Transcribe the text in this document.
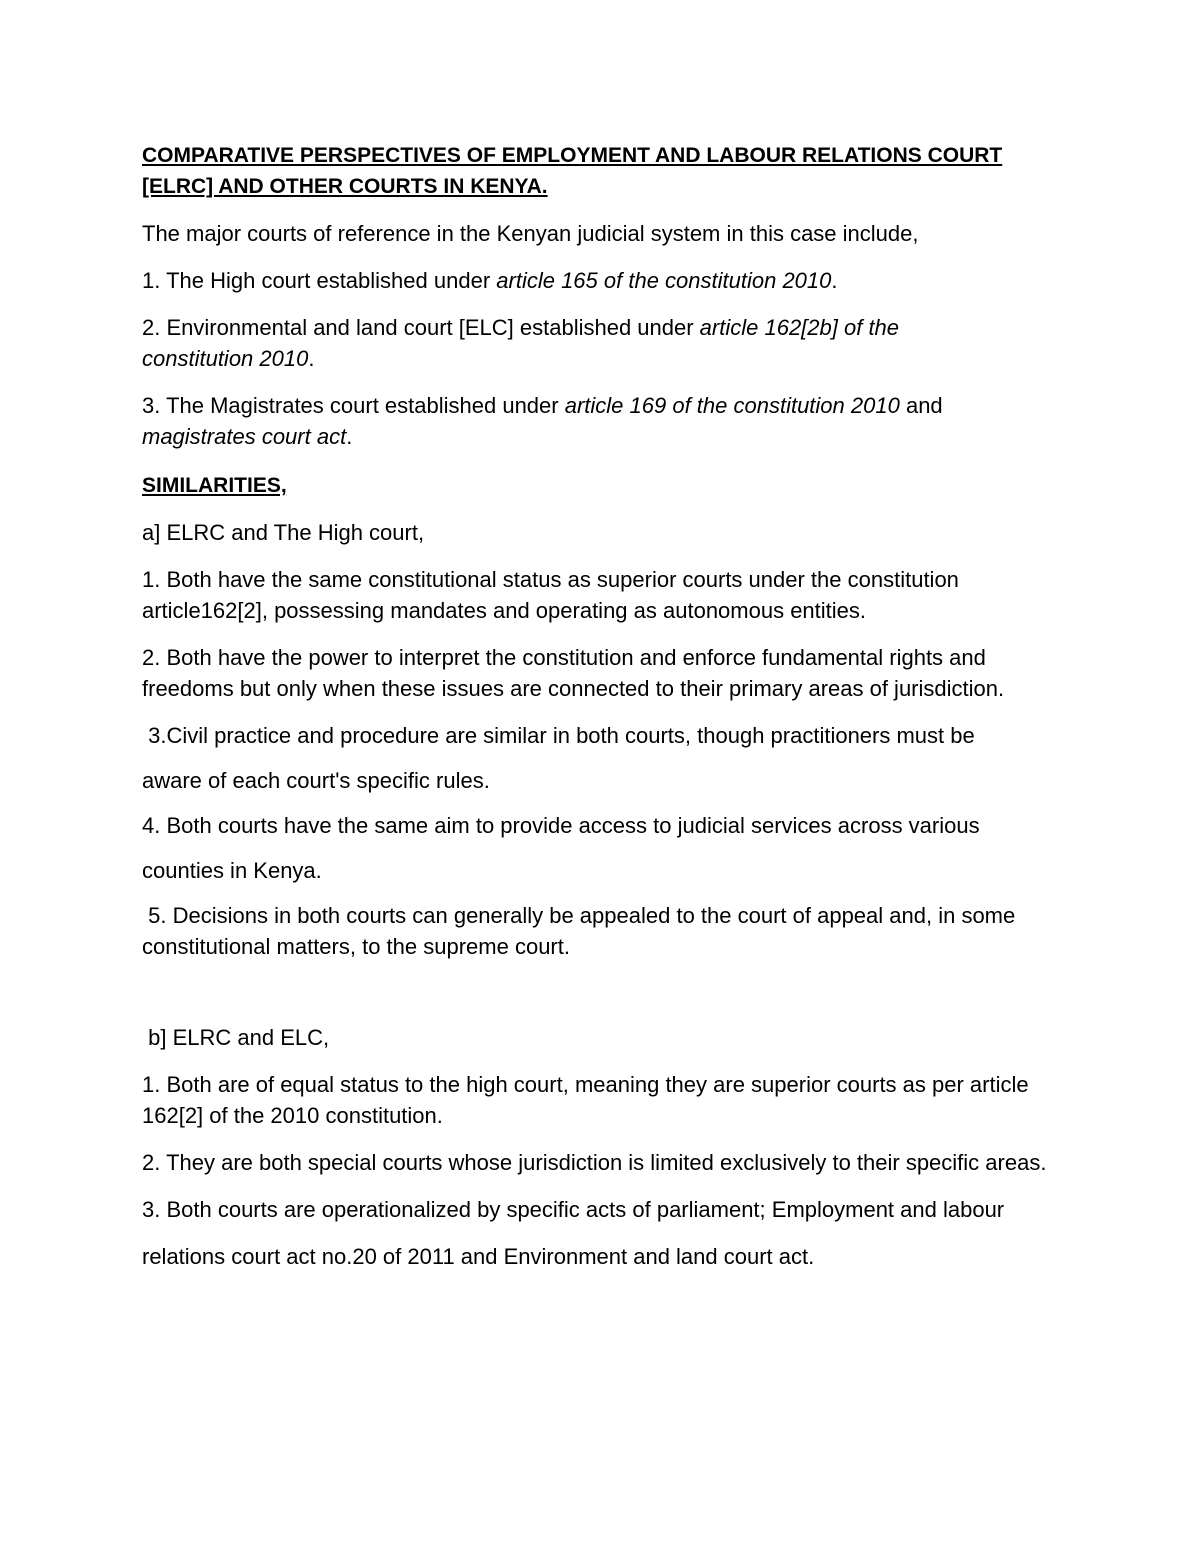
COMPARATIVE PERSPECTIVES OF EMPLOYMENT AND LABOUR RELATIONS COURT [ELRC] AND OTHER COURTS IN KENYA.

The major courts of reference in the Kenyan judicial system in this case include,

1. The High court established under article 165 of the constitution 2010.

2. Environmental and land court [ELC] established under article 162[2b] of the constitution 2010.

3. The Magistrates court established under article 169 of the constitution 2010 and magistrates court act.

SIMILARITIES,

a] ELRC and The High court,

1. Both have the same constitutional status as superior courts under the constitution article162[2], possessing mandates and operating as autonomous entities.

2. Both have the power to interpret the constitution and enforce fundamental rights and freedoms but only when these issues are connected to their primary areas of jurisdiction.

3.Civil practice and procedure are similar in both courts, though practitioners must be

aware of each court's specific rules.

4. Both courts have the same aim to provide access to judicial services across various

counties in Kenya.

5. Decisions in both courts can generally be appealed to the court of appeal and, in some constitutional matters, to the supreme court.

b] ELRC and ELC,

1. Both are of equal status to the high court, meaning they are superior courts as per article 162[2] of the 2010 constitution.

2. They are both special courts whose jurisdiction is limited exclusively to their specific areas.

3. Both courts are operationalized by specific acts of parliament; Employment and labour

relations court act no.20 of 2011 and Environment and land court act.
